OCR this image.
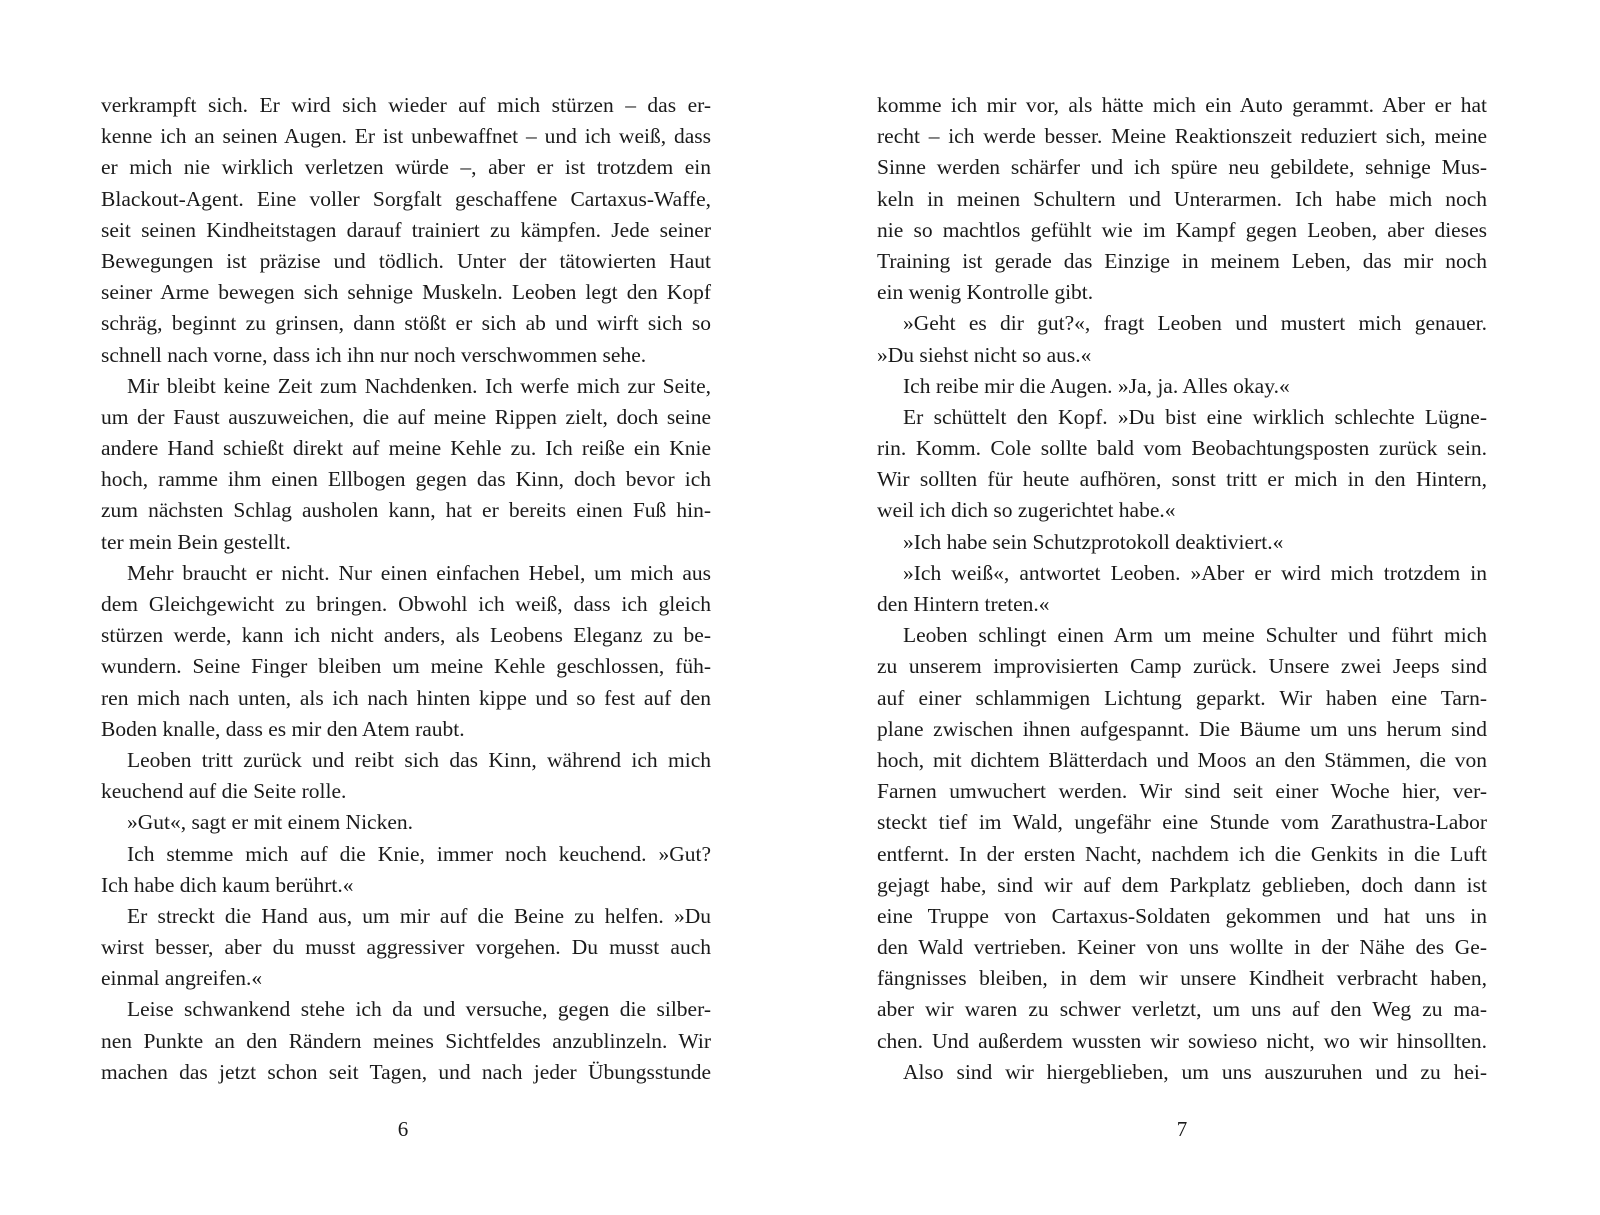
verkrampft sich. Er wird sich wieder auf mich stürzen – das er-
kenne ich an seinen Augen. Er ist unbewaffnet – und ich weiß, dass
er mich nie wirklich verletzen würde –, aber er ist trotzdem ein
Blackout-Agent. Eine voller Sorgfalt geschaffene Cartaxus-Waffe,
seit seinen Kindheitstagen darauf trainiert zu kämpfen. Jede seiner
Bewegungen ist präzise und tödlich. Unter der tätowierten Haut
seiner Arme bewegen sich sehnige Muskeln. Leoben legt den Kopf
schräg, beginnt zu grinsen, dann stößt er sich ab und wirft sich so
schnell nach vorne, dass ich ihn nur noch verschwommen sehe.
Mir bleibt keine Zeit zum Nachdenken. Ich werfe mich zur Seite,
um der Faust auszuweichen, die auf meine Rippen zielt, doch seine
andere Hand schießt direkt auf meine Kehle zu. Ich reiße ein Knie
hoch, ramme ihm einen Ellbogen gegen das Kinn, doch bevor ich
zum nächsten Schlag ausholen kann, hat er bereits einen Fuß hin-
ter mein Bein gestellt.
Mehr braucht er nicht. Nur einen einfachen Hebel, um mich aus
dem Gleichgewicht zu bringen. Obwohl ich weiß, dass ich gleich
stürzen werde, kann ich nicht anders, als Leobens Eleganz zu be-
wundern. Seine Finger bleiben um meine Kehle geschlossen, füh-
ren mich nach unten, als ich nach hinten kippe und so fest auf den
Boden knalle, dass es mir den Atem raubt.
Leoben tritt zurück und reibt sich das Kinn, während ich mich
keuchend auf die Seite rolle.
»Gut«, sagt er mit einem Nicken.
Ich stemme mich auf die Knie, immer noch keuchend. »Gut?
Ich habe dich kaum berührt.«
Er streckt die Hand aus, um mir auf die Beine zu helfen. »Du
wirst besser, aber du musst aggressiver vorgehen. Du musst auch
einmal angreifen.«
Leise schwankend stehe ich da und versuche, gegen die silber-
nen Punkte an den Rändern meines Sichtfeldes anzublinzeln. Wir
machen das jetzt schon seit Tagen, und nach jeder Übungsstunde
6
komme ich mir vor, als hätte mich ein Auto gerammt. Aber er hat
recht – ich werde besser. Meine Reaktionszeit reduziert sich, meine
Sinne werden schärfer und ich spüre neu gebildete, sehnige Mus-
keln in meinen Schultern und Unterarmen. Ich habe mich noch
nie so machtlos gefühlt wie im Kampf gegen Leoben, aber dieses
Training ist gerade das Einzige in meinem Leben, das mir noch
ein wenig Kontrolle gibt.
»Geht es dir gut?«, fragt Leoben und mustert mich genauer.
»Du siehst nicht so aus.«
Ich reibe mir die Augen. »Ja, ja. Alles okay.«
Er schüttelt den Kopf. »Du bist eine wirklich schlechte Lügne-
rin. Komm. Cole sollte bald vom Beobachtungsposten zurück sein.
Wir sollten für heute aufhören, sonst tritt er mich in den Hintern,
weil ich dich so zugerichtet habe.«
»Ich habe sein Schutzprotokoll deaktiviert.«
»Ich weiß«, antwortet Leoben. »Aber er wird mich trotzdem in
den Hintern treten.«
Leoben schlingt einen Arm um meine Schulter und führt mich
zu unserem improvisierten Camp zurück. Unsere zwei Jeeps sind
auf einer schlammigen Lichtung geparkt. Wir haben eine Tarn-
plane zwischen ihnen aufgespannt. Die Bäume um uns herum sind
hoch, mit dichtem Blätterdach und Moos an den Stämmen, die von
Farnen umwuchert werden. Wir sind seit einer Woche hier, ver-
steckt tief im Wald, ungefähr eine Stunde vom Zarathustra-Labor
entfernt. In der ersten Nacht, nachdem ich die Genkits in die Luft
gejagt habe, sind wir auf dem Parkplatz geblieben, doch dann ist
eine Truppe von Cartaxus-Soldaten gekommen und hat uns in
den Wald vertrieben. Keiner von uns wollte in der Nähe des Ge-
fängnisses bleiben, in dem wir unsere Kindheit verbracht haben,
aber wir waren zu schwer verletzt, um uns auf den Weg zu ma-
chen. Und außerdem wussten wir sowieso nicht, wo wir hinsollten.
Also sind wir hiergeblieben, um uns auszuruhen und zu hei-
7
